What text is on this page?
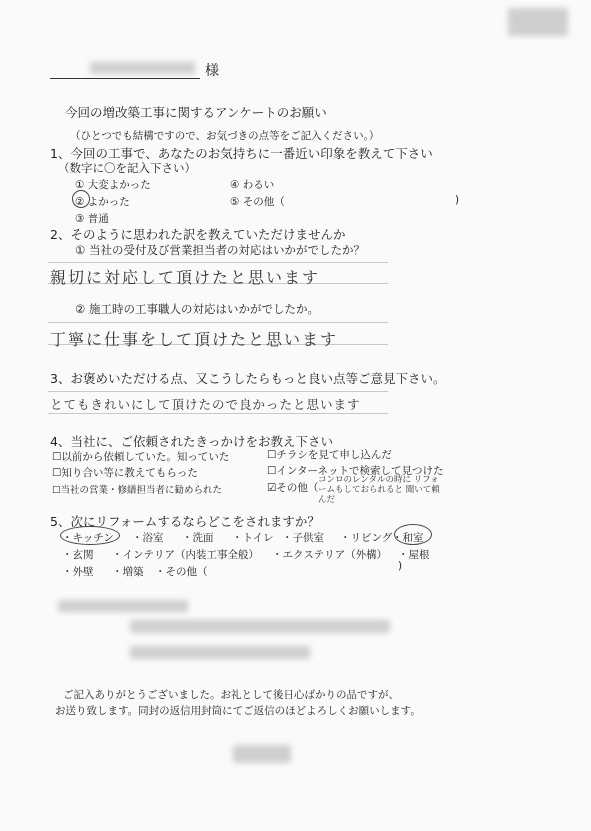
様
今回の増改築工事に関するアンケートのお願い
（ひとつでも結構ですので、お気づきの点等をご記入ください。）
1、今回の工事で、あなたのお気持ちに一番近い印象を教えて下さい
（数字に〇を記入下さい）
① 大変よかった
② よかった
③ 普通
④ わるい
⑤ その他（	)
2、そのように思われた訳を教えていただけませんか
① 当社の受付及び営業担当者の対応はいかがでしたか？
親切に対応して頂けたと思います
② 施工時の工事職人の対応はいかがでしたか。
丁寧に仕事をして頂けたと思います
3、お褒めいただける点、又こうしたらもっと良い点等ご意見下さい。
とてもきれいにして頂けたので良かったと思います
4、当社に、ご依頼されたきっかけをお教え下さい
☐以前から依頼していた。知っていた
☐知り合い等に教えてもらった
☐当社の営業・修繕担当者に勧められた
☐チラシを見て申し込んだ
☐インターネットで検索して見つけた
☑その他（
コンロのレンタルの時に リフォームもしておられると 聞いて頼んだ
5、次にリフォームするならどこをされますか？
・キッチン ・浴室 ・洗面 ・トイレ ・子供室 ・リビング ・和室
・玄関 ・インテリア（内装工事全般） ・エクステリア（外構） ・屋根
・外壁 ・増築 ・その他（	)
ご記入ありがとうございました。お礼として後日心ばかりの品ですが、
お送り致します。同封の返信用封筒にてご返信のほどよろしくお願いします。
